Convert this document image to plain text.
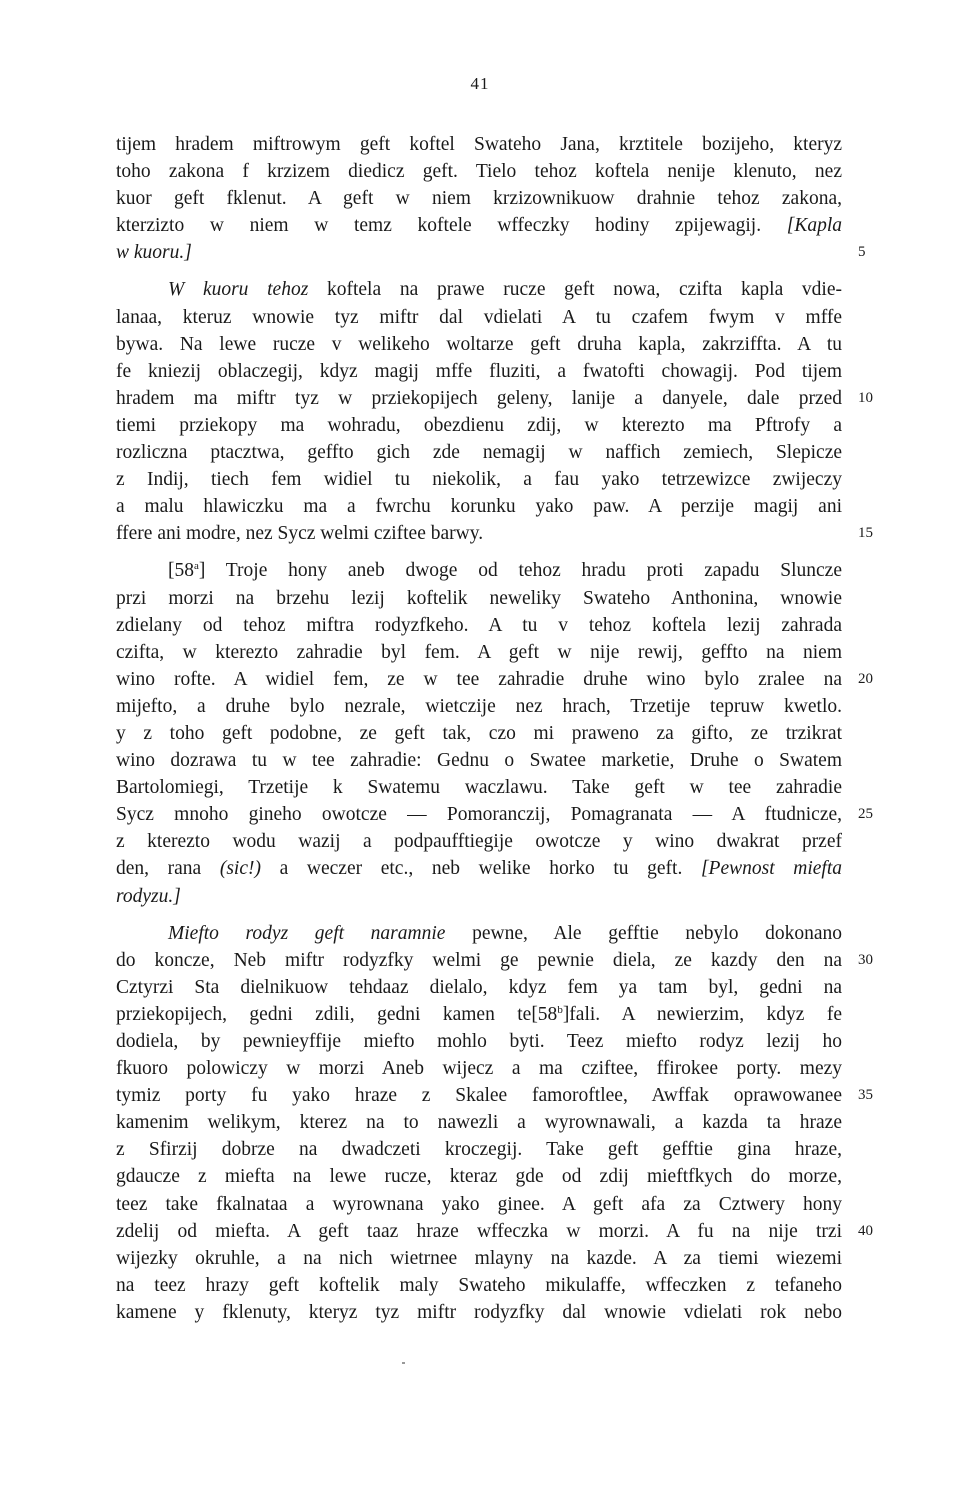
41
tijem hradem miftrowym geft koftel Swateho Jana, krztitele bozijeho, kteryz
toho zakona f krzizem diedicz geft. Tielo tehoz koftela nenije klenuto, nez
kuor geft fklenut. A geft w niem krzizownikuow drahnie tehoz zakona,
kterzizto w niem w temz koftele wffeczky hodiny zpijewagij. [Kapla
w kuoru.]	5
W kuoru tehoz koftela na prawe rucze geft nowa, czifta kapla vdie-
lanaa, kteruz wnowie tyz miftr dal vdielati A tu czafem fwym v mffe
bywa. Na lewe rucze v welikeho woltarze geft druha kapla, zakrziffta. A tu
fe kniezij oblaczegij, kdyz magij mffe fluziti, a fwatofti chowagij. Pod tijem
hradem ma miftr tyz w prziekopijech geleny, lanije a danyele, dale przed 10
tiemi prziekopy ma wohradu, obezdienu zdij, w kterezto ma Pftrofy a
rozliczna ptacztwa, geffto gich zde nemagij w naffich zemiech, Slepicze
z Indij, tiech fem widiel tu niekolik, a fau yako tetrzewizce zwijeczy
a malu hlawiczku ma a fwrchu korunku yako paw. A perzije magij ani
ffere ani modre, nez Sycz welmi cziftee barwy.	15
[58$^a$] Troje hony aneb dwoge od tehoz hradu proti zapadu Sluncze
przi morzi na brzehu lezij koftelik neweliky Swateho Anthonina, wnowie
zdielany od tehoz miftra rodyzfkeho. A tu v tehoz koftela lezij zahrada
czifta, w kterezto zahradie byl fem. A geft w nije rewij, geffto na niem
wino rofte. A widiel fem, ze w tee zahradie druhe wino bylo zralee na 20
mijefto, a druhe bylo nezrale, wietczije nez hrach, Trzetije tepruw kwetlo.
y z toho geft podobne, ze geft tak, czo mi praweno za gifto, ze trzikrat
wino dozrawa tu w tee zahradie: Gednu o Swatee marketie, Druhe o Swatem
Bartolomiegi, Trzetije k Swatemu waczlawu. Take geft w tee zahradie
Sycz mnoho gineho owotcze — Pomoranczij, Pomagranata — A ftudnicze, 25
z kterezto wodu wazij a podpaufftiegije owotcze y wino dwakrat przef
den, rana (sic!) a weczer etc., neb welike horko tu geft. [Pewnost miefta
rodyzu.]
Miefto rodyz geft naramnie pewne, Ale gefftie nebylo dokonano
do koncze, Neb miftr rodyzfky welmi ge pewnie diela, ze kazdy den na 30
Cztyrzi Sta dielnikuow tehdaaz dielalo, kdyz fem ya tam byl, gedni na
prziekopijech, gedni zdili, gedni kamen te[58$^b$]fali. A newierzim, kdyz fe
dodiela, by pewnieyffije miefto mohlo byti. Teez miefto rodyz lezij ho
fkuoro polowiczy w morzi Aneb wijecz a ma cziftee, ffirokee porty. mezy
tymiz porty fu yako hraze z Skalee famoroftlee, Awffak oprawowanee 35
kamenim welikym, kterez na to nawezli a wyrownawali, a kazda ta hraze
z Sfirzij dobrze na dwadczeti kroczegij. Take geft gefftie gina hraze,
gdaucze z miefta na lewe rucze, kteraz gde od zdij mieftfkych do morze,
teez take fkalnataa a wyrownana yako ginee. A geft afa za Cztwery hony
zdelij od miefta. A geft taaz hraze wffeczka w morzi. A fu na nije trzi 40
wijezky okruhle, a na nich wietrnee mlayny na kazde. A za tiemi wiezemi
na teez hrazy geft koftelik maly Swateho mikulaffe, wffeczken z tefaneho
kamene y fklenuty, kteryz tyz miftr rodyzfky dal wnowie vdielati rok nebo
